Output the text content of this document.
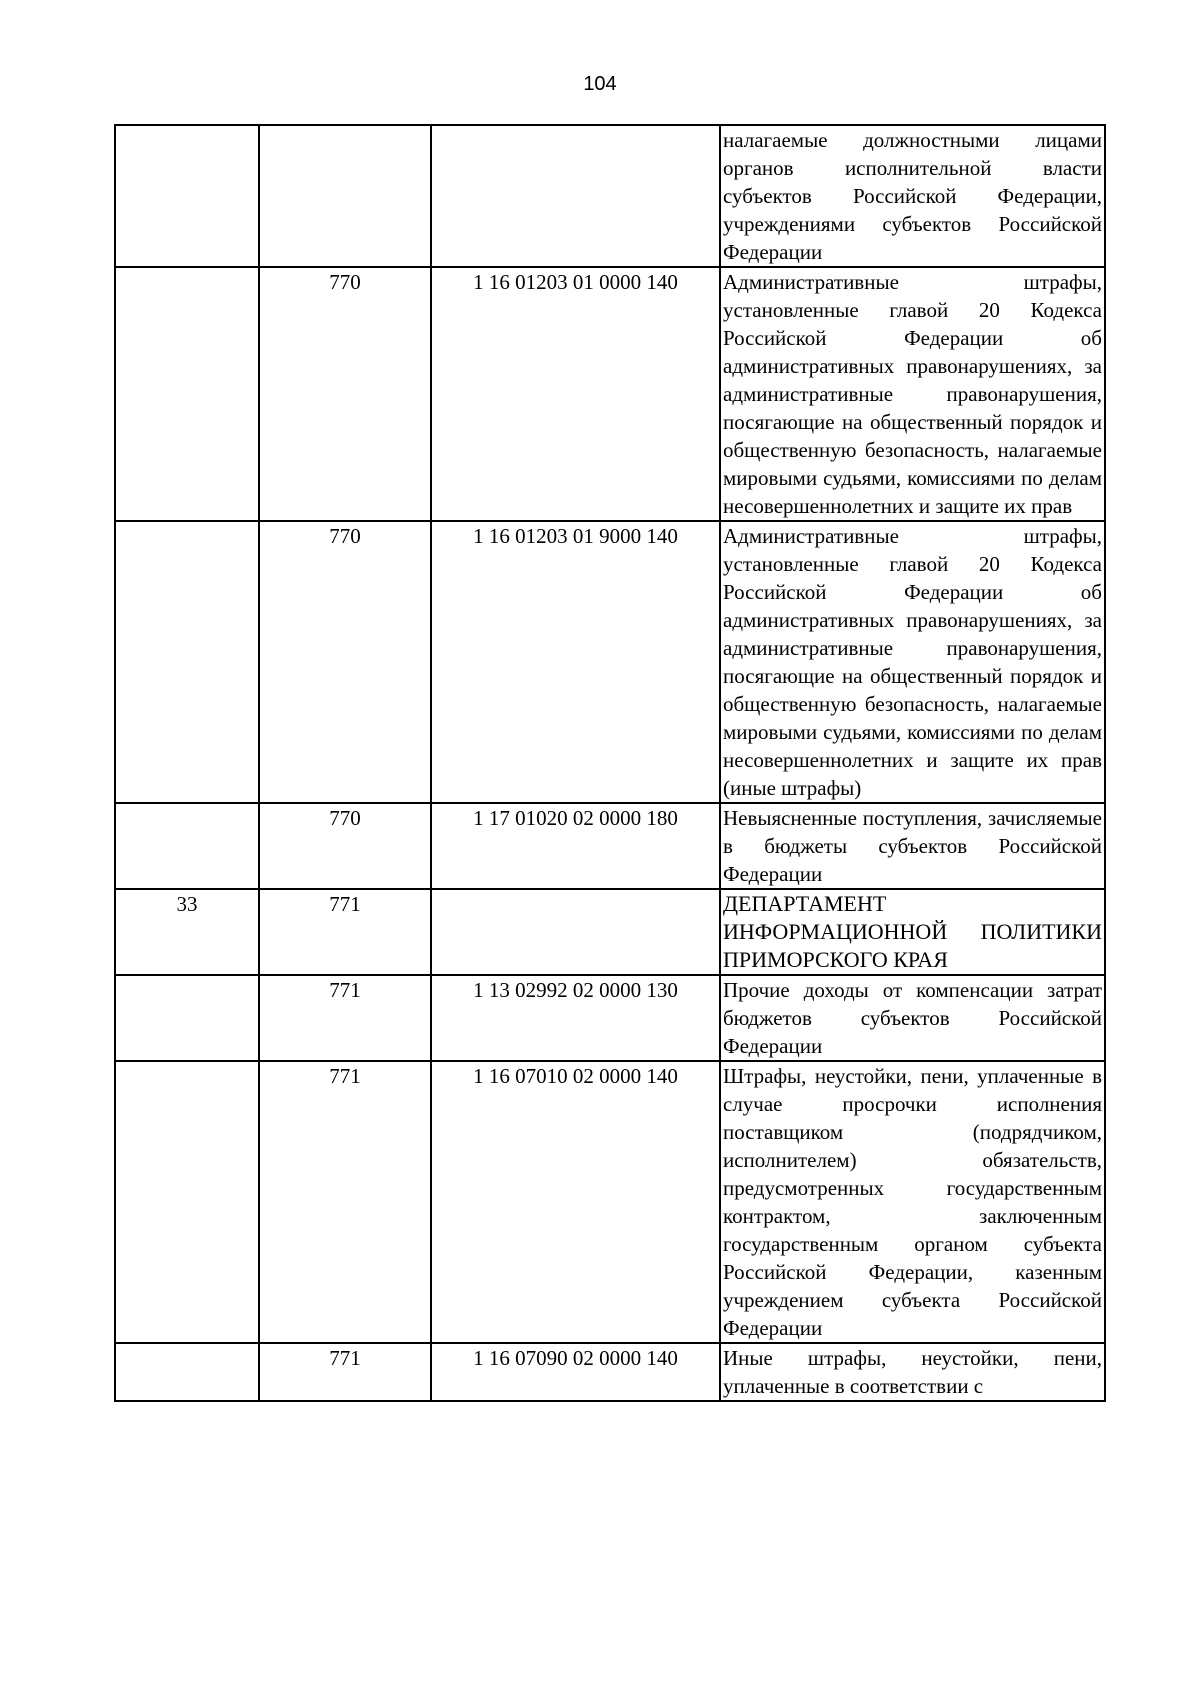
104
			налагаемые должностными лицами органов исполнительной власти субъектов Российской Федерации, учреждениями субъектов Российской Федерации
	770	1 16 01203 01 0000 140	Административные штрафы, установленные главой 20 Кодекса Российской Федерации об административных правонарушениях, за административные правонарушения, посягающие на общественный порядок и общественную безопасность, налагаемые мировыми судьями, комиссиями по делам несовершеннолетних и защите их прав
	770	1 16 01203 01 9000 140	Административные штрафы, установленные главой 20 Кодекса Российской Федерации об административных правонарушениях, за административные правонарушения, посягающие на общественный порядок и общественную безопасность, налагаемые мировыми судьями, комиссиями по делам несовершеннолетних и защите их прав (иные штрафы)
	770	1 17 01020 02 0000 180	Невыясненные поступления, зачисляемые в бюджеты субъектов Российской Федерации
33	771		ДЕПАРТАМЕНТ ИНФОРМАЦИОННОЙ ПОЛИТИКИ ПРИМОРСКОГО КРАЯ
	771	1 13 02992 02 0000 130	Прочие доходы от компенсации затрат бюджетов субъектов Российской Федерации
	771	1 16 07010 02 0000 140	Штрафы, неустойки, пени, уплаченные в случае просрочки исполнения поставщиком (подрядчиком, исполнителем) обязательств, предусмотренных государственным контрактом, заключенным государственным органом субъекта Российской Федерации, казенным учреждением субъекта Российской Федерации
	771	1 16 07090 02 0000 140	Иные штрафы, неустойки, пени, уплаченные в соответствии с
